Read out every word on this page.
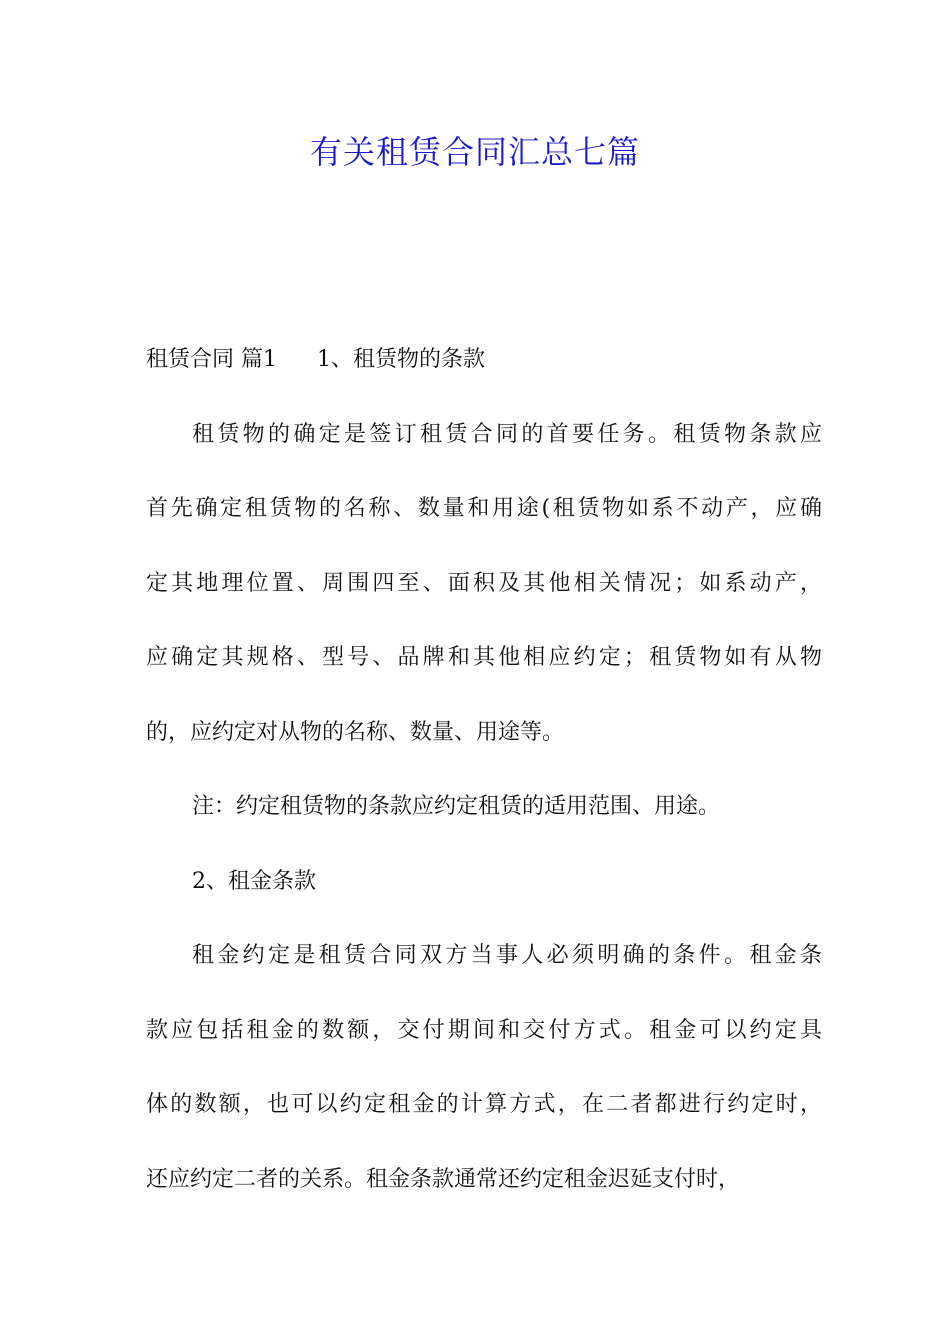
有关租赁合同汇总七篇
租赁合同 篇1 1、租赁物的条款
租赁物的确定是签订租赁合同的首要任务。租赁物条款应
首先确定租赁物的名称、数量和用途(租赁物如系不动产，应确
定其地理位置、周围四至、面积及其他相关情况；如系动产，
应确定其规格、型号、品牌和其他相应约定；租赁物如有从物
的，应约定对从物的名称、数量、用途等。
注：约定租赁物的条款应约定租赁的适用范围、用途。
2、租金条款
租金约定是租赁合同双方当事人必须明确的条件。租金条
款应包括租金的数额，交付期间和交付方式。租金可以约定具
体的数额，也可以约定租金的计算方式，在二者都进行约定时，
还应约定二者的关系。租金条款通常还约定租金迟延支付时，
